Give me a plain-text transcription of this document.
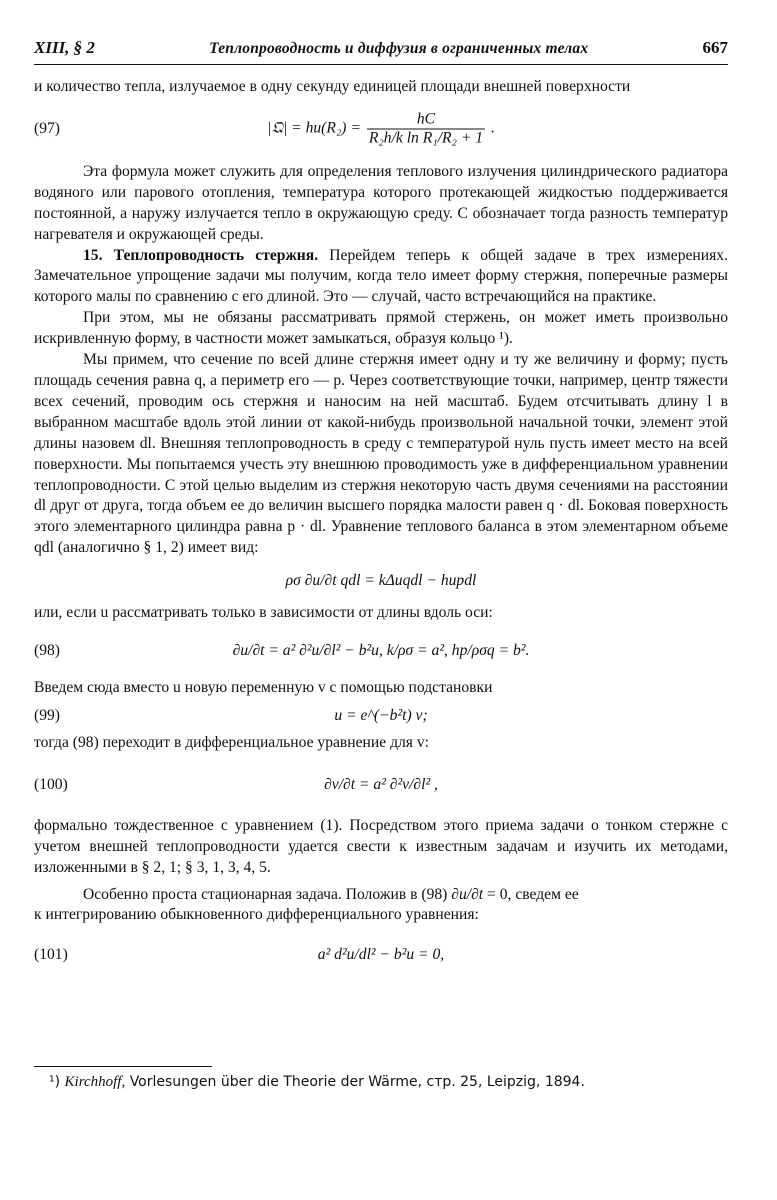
XIII, § 2	Теплопроводность и диффузия в ограниченных телах	667

и количество тепла, излучаемое в одну секунду единицей площади внешней поверхности

(97)	|𝔔| = $hu(R_2) = \frac{hC}{\text{R₂h/k ln R₁/R₂ + 1}}$ .

Эта формула может служить для определения теплового излучения цилиндрического радиатора водяного или парового отопления, температура которого протекающей жидкостью поддерживается постоянной, а наружу излучается тепло в окружающую среду. C обозначает тогда разность температур нагревателя и окружающей среды.

15. Теплопроводность стержня. Перейдем теперь к общей задаче в трех измерениях. Замечательное упрощение задачи мы получим, когда тело имеет форму стержня, поперечные размеры которого малы по сравнению с его длиной. Это — случай, часто встречающийся на практике.

При этом, мы не обязаны рассматривать прямой стержень, он может иметь произвольно искривленную форму, в частности может замыкаться, образуя кольцо ¹).

Мы примем, что сечение по всей длине стержня имеет одну и ту же величину и форму; пусть площадь сечения равна q, а периметр его — p. Через соответствующие точки, например, центр тяжести всех сечений, проводим ось стержня и наносим на ней масштаб. Будем отсчитывать длину l в выбранном масштабе вдоль этой линии от какой-нибудь произвольной начальной точки, элемент этой длины назовем dl. Внешняя теплопроводность в среду с температурой нуль пусть имеет место на всей поверхности. Мы попытаемся учесть эту внешнюю проводимость уже в дифференциальном уравнении теплопроводности. С этой целью выделим из стержня некоторую часть двумя сечениями на расстоянии dl друг от друга, тогда объем ее до величин высшего порядка малости равен q · dl. Боковая поверхность этого элементарного цилиндра равна p · dl. Уравнение теплового баланса в этом элементарном объеме qdl (аналогично § 1, 2) имеет вид:

ρσ ∂u/∂t qdl = kΔuqdl − hupdl

или, если u рассматривать только в зависимости от длины вдоль оси:

(98)	∂u/∂t = a² ∂²u/∂l² − b²u, k/ρσ = a², hp/ρσq = b².

Введем сюда вместо u новую переменную v с помощью подстановки

(99)	u = e^(−b²t) v;

тогда (98) переходит в дифференциальное уравнение для v:

(100)	∂v/∂t = a² ∂²v/∂l² ,

формально тождественное с уравнением (1). Посредством этого приема задачи о тонком стержне с учетом внешней теплопроводности удается свести к известным задачам и изучить их методами, изложенными в § 2, 1; § 3, 1, 3, 4, 5.

Особенно проста стационарная задача. Положив в (98) ∂u/∂t = 0, сведем ее

к интегрированию обыкновенного дифференциального уравнения:

(101)	a² d²u/dl² − b²u = 0,
¹) Kirchhoff, Vorlesungen über die Theorie der Wärme, стр. 25, Leipzig, 1894.
